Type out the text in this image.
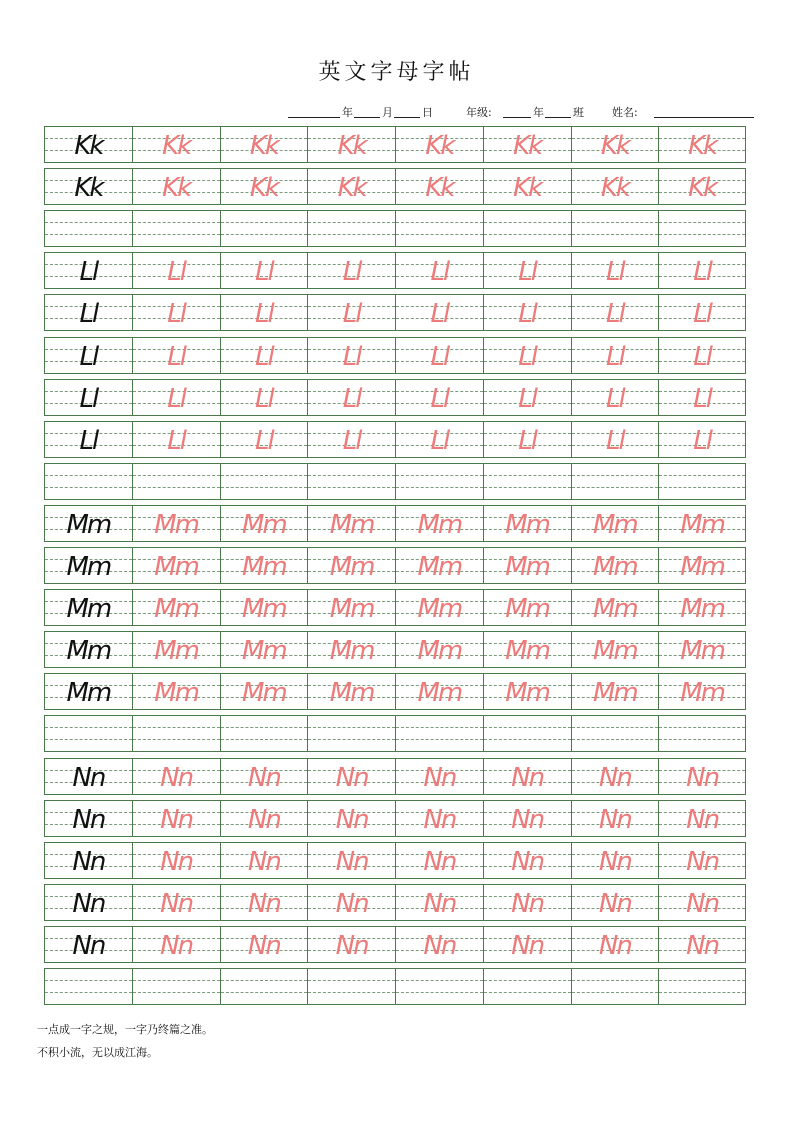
英文字母字帖
年	月	日	年级:	年	班	姓名:
Kk	Kk	Kk	Kk	Kk	Kk	Kk	Kk
Kk	Kk	Kk	Kk	Kk	Kk	Kk	Kk
Ll	Ll	Ll	Ll	Ll	Ll	Ll	Ll
Ll	Ll	Ll	Ll	Ll	Ll	Ll	Ll
Ll	Ll	Ll	Ll	Ll	Ll	Ll	Ll
Ll	Ll	Ll	Ll	Ll	Ll	Ll	Ll
Ll	Ll	Ll	Ll	Ll	Ll	Ll	Ll
Mm	Mm	Mm	Mm	Mm	Mm	Mm	Mm
Mm	Mm	Mm	Mm	Mm	Mm	Mm	Mm
Mm	Mm	Mm	Mm	Mm	Mm	Mm	Mm
Mm	Mm	Mm	Mm	Mm	Mm	Mm	Mm
Mm	Mm	Mm	Mm	Mm	Mm	Mm	Mm
Nn	Nn	Nn	Nn	Nn	Nn	Nn	Nn
Nn	Nn	Nn	Nn	Nn	Nn	Nn	Nn
Nn	Nn	Nn	Nn	Nn	Nn	Nn	Nn
Nn	Nn	Nn	Nn	Nn	Nn	Nn	Nn
Nn	Nn	Nn	Nn	Nn	Nn	Nn	Nn
一点成一字之规，一字乃终篇之准。
不积小流，无以成江海。
